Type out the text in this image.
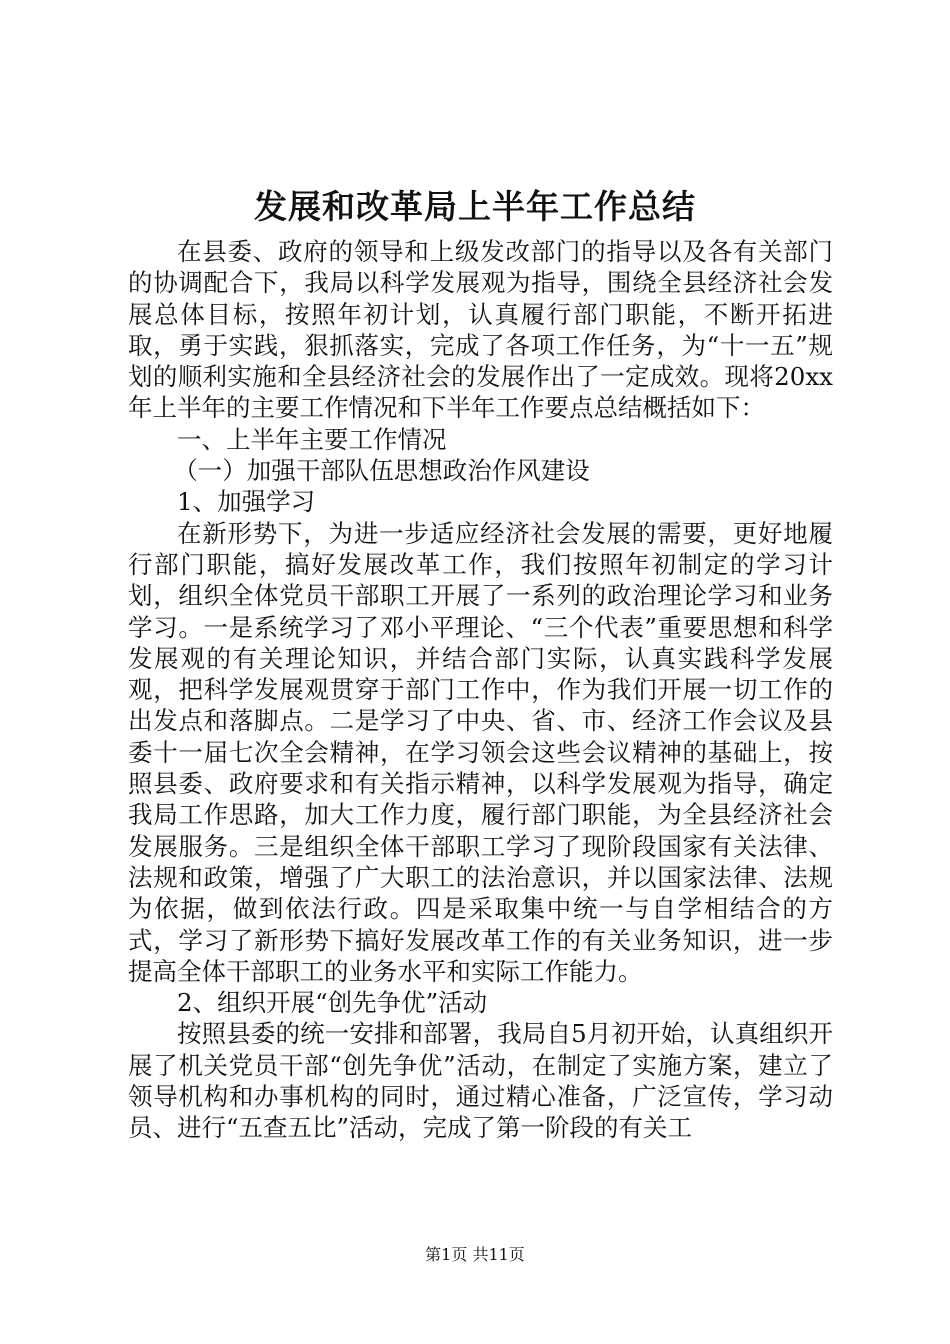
发展和改革局上半年工作总结

在县委、政府的领导和上级发改部门的指导以及各有关部门的协调配合下，我局以科学发展观为指导，围绕全县经济社会发展总体目标，按照年初计划，认真履行部门职能，不断开拓进取，勇于实践，狠抓落实，完成了各项工作任务，为“十一五”规划的顺利实施和全县经济社会的发展作出了一定成效。现将20xx年上半年的主要工作情况和下半年工作要点总结概括如下：

一、上半年主要工作情况

（一）加强干部队伍思想政治作风建设

1、加强学习

在新形势下，为进一步适应经济社会发展的需要，更好地履行部门职能，搞好发展改革工作，我们按照年初制定的学习计划，组织全体党员干部职工开展了一系列的政治理论学习和业务学习。一是系统学习了邓小平理论、“三个代表”重要思想和科学发展观的有关理论知识，并结合部门实际，认真实践科学发展观，把科学发展观贯穿于部门工作中，作为我们开展一切工作的出发点和落脚点。二是学习了中央、省、市、经济工作会议及县委十一届七次全会精神，在学习领会这些会议精神的基础上，按照县委、政府要求和有关指示精神，以科学发展观为指导，确定我局工作思路，加大工作力度，履行部门职能，为全县经济社会发展服务。三是组织全体干部职工学习了现阶段国家有关法律、法规和政策，增强了广大职工的法治意识，并以国家法律、法规为依据，做到依法行政。四是采取集中统一与自学相结合的方式，学习了新形势下搞好发展改革工作的有关业务知识，进一步提高全体干部职工的业务水平和实际工作能力。

2、组织开展“创先争优”活动

按照县委的统一安排和部署，我局自5月初开始，认真组织开展了机关党员干部“创先争优”活动，在制定了实施方案，建立了领导机构和办事机构的同时，通过精心准备，广泛宣传，学习动员、进行“五查五比”活动，完成了第一阶段的有关工

第1页 共11页
